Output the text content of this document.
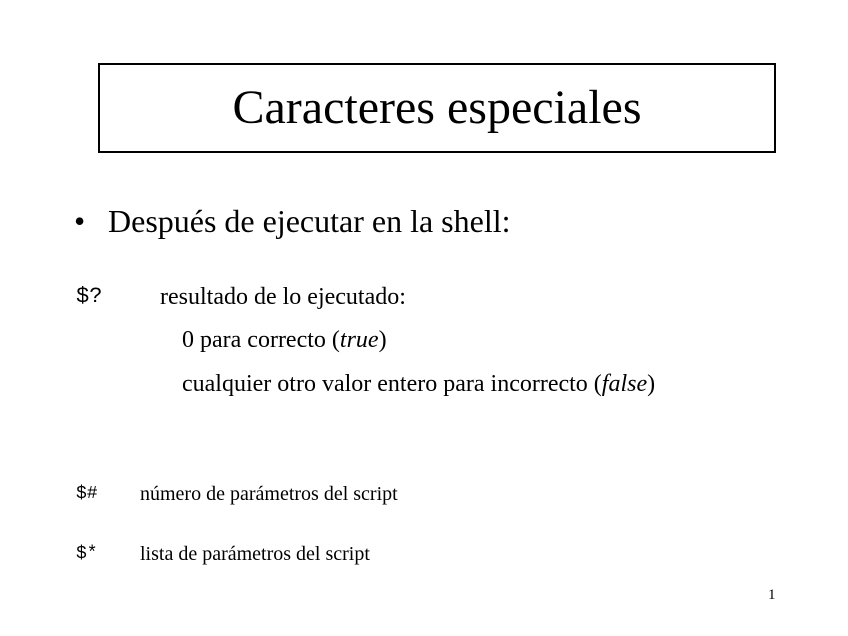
Caracteres especiales
• Después de ejecutar en la shell:
$? resultado de lo ejecutado:
0 para correcto (true)
cualquier otro valor entero para incorrecto (false)
$# número de parámetros del script
$* lista de parámetros del script
1
